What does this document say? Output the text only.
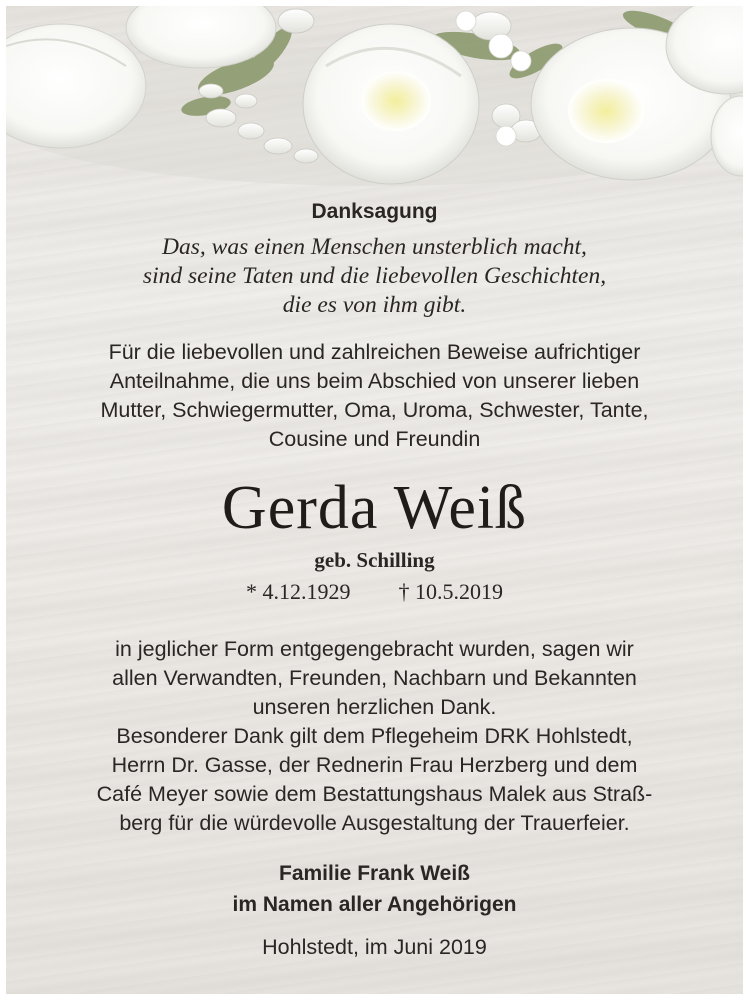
Danksagung
Das, was einen Menschen unsterblich macht,
sind seine Taten und die liebevollen Geschichten,
die es von ihm gibt.
Für die liebevollen und zahlreichen Beweise aufrichtiger
Anteilnahme, die uns beim Abschied von unserer lieben
Mutter, Schwiegermutter, Oma, Uroma, Schwester, Tante,
Cousine und Freundin
Gerda Weiß
geb. Schilling
* 4.12.1929 † 10.5.2019
in jeglicher Form entgegengebracht wurden, sagen wir
allen Verwandten, Freunden, Nachbarn und Bekannten
unseren herzlichen Dank.
Besonderer Dank gilt dem Pflegeheim DRK Hohlstedt,
Herrn Dr. Gasse, der Rednerin Frau Herzberg und dem
Café Meyer sowie dem Bestattungshaus Malek aus Straß-
berg für die würdevolle Ausgestaltung der Trauerfeier.
Familie Frank Weiß
im Namen aller Angehörigen
Hohlstedt, im Juni 2019
